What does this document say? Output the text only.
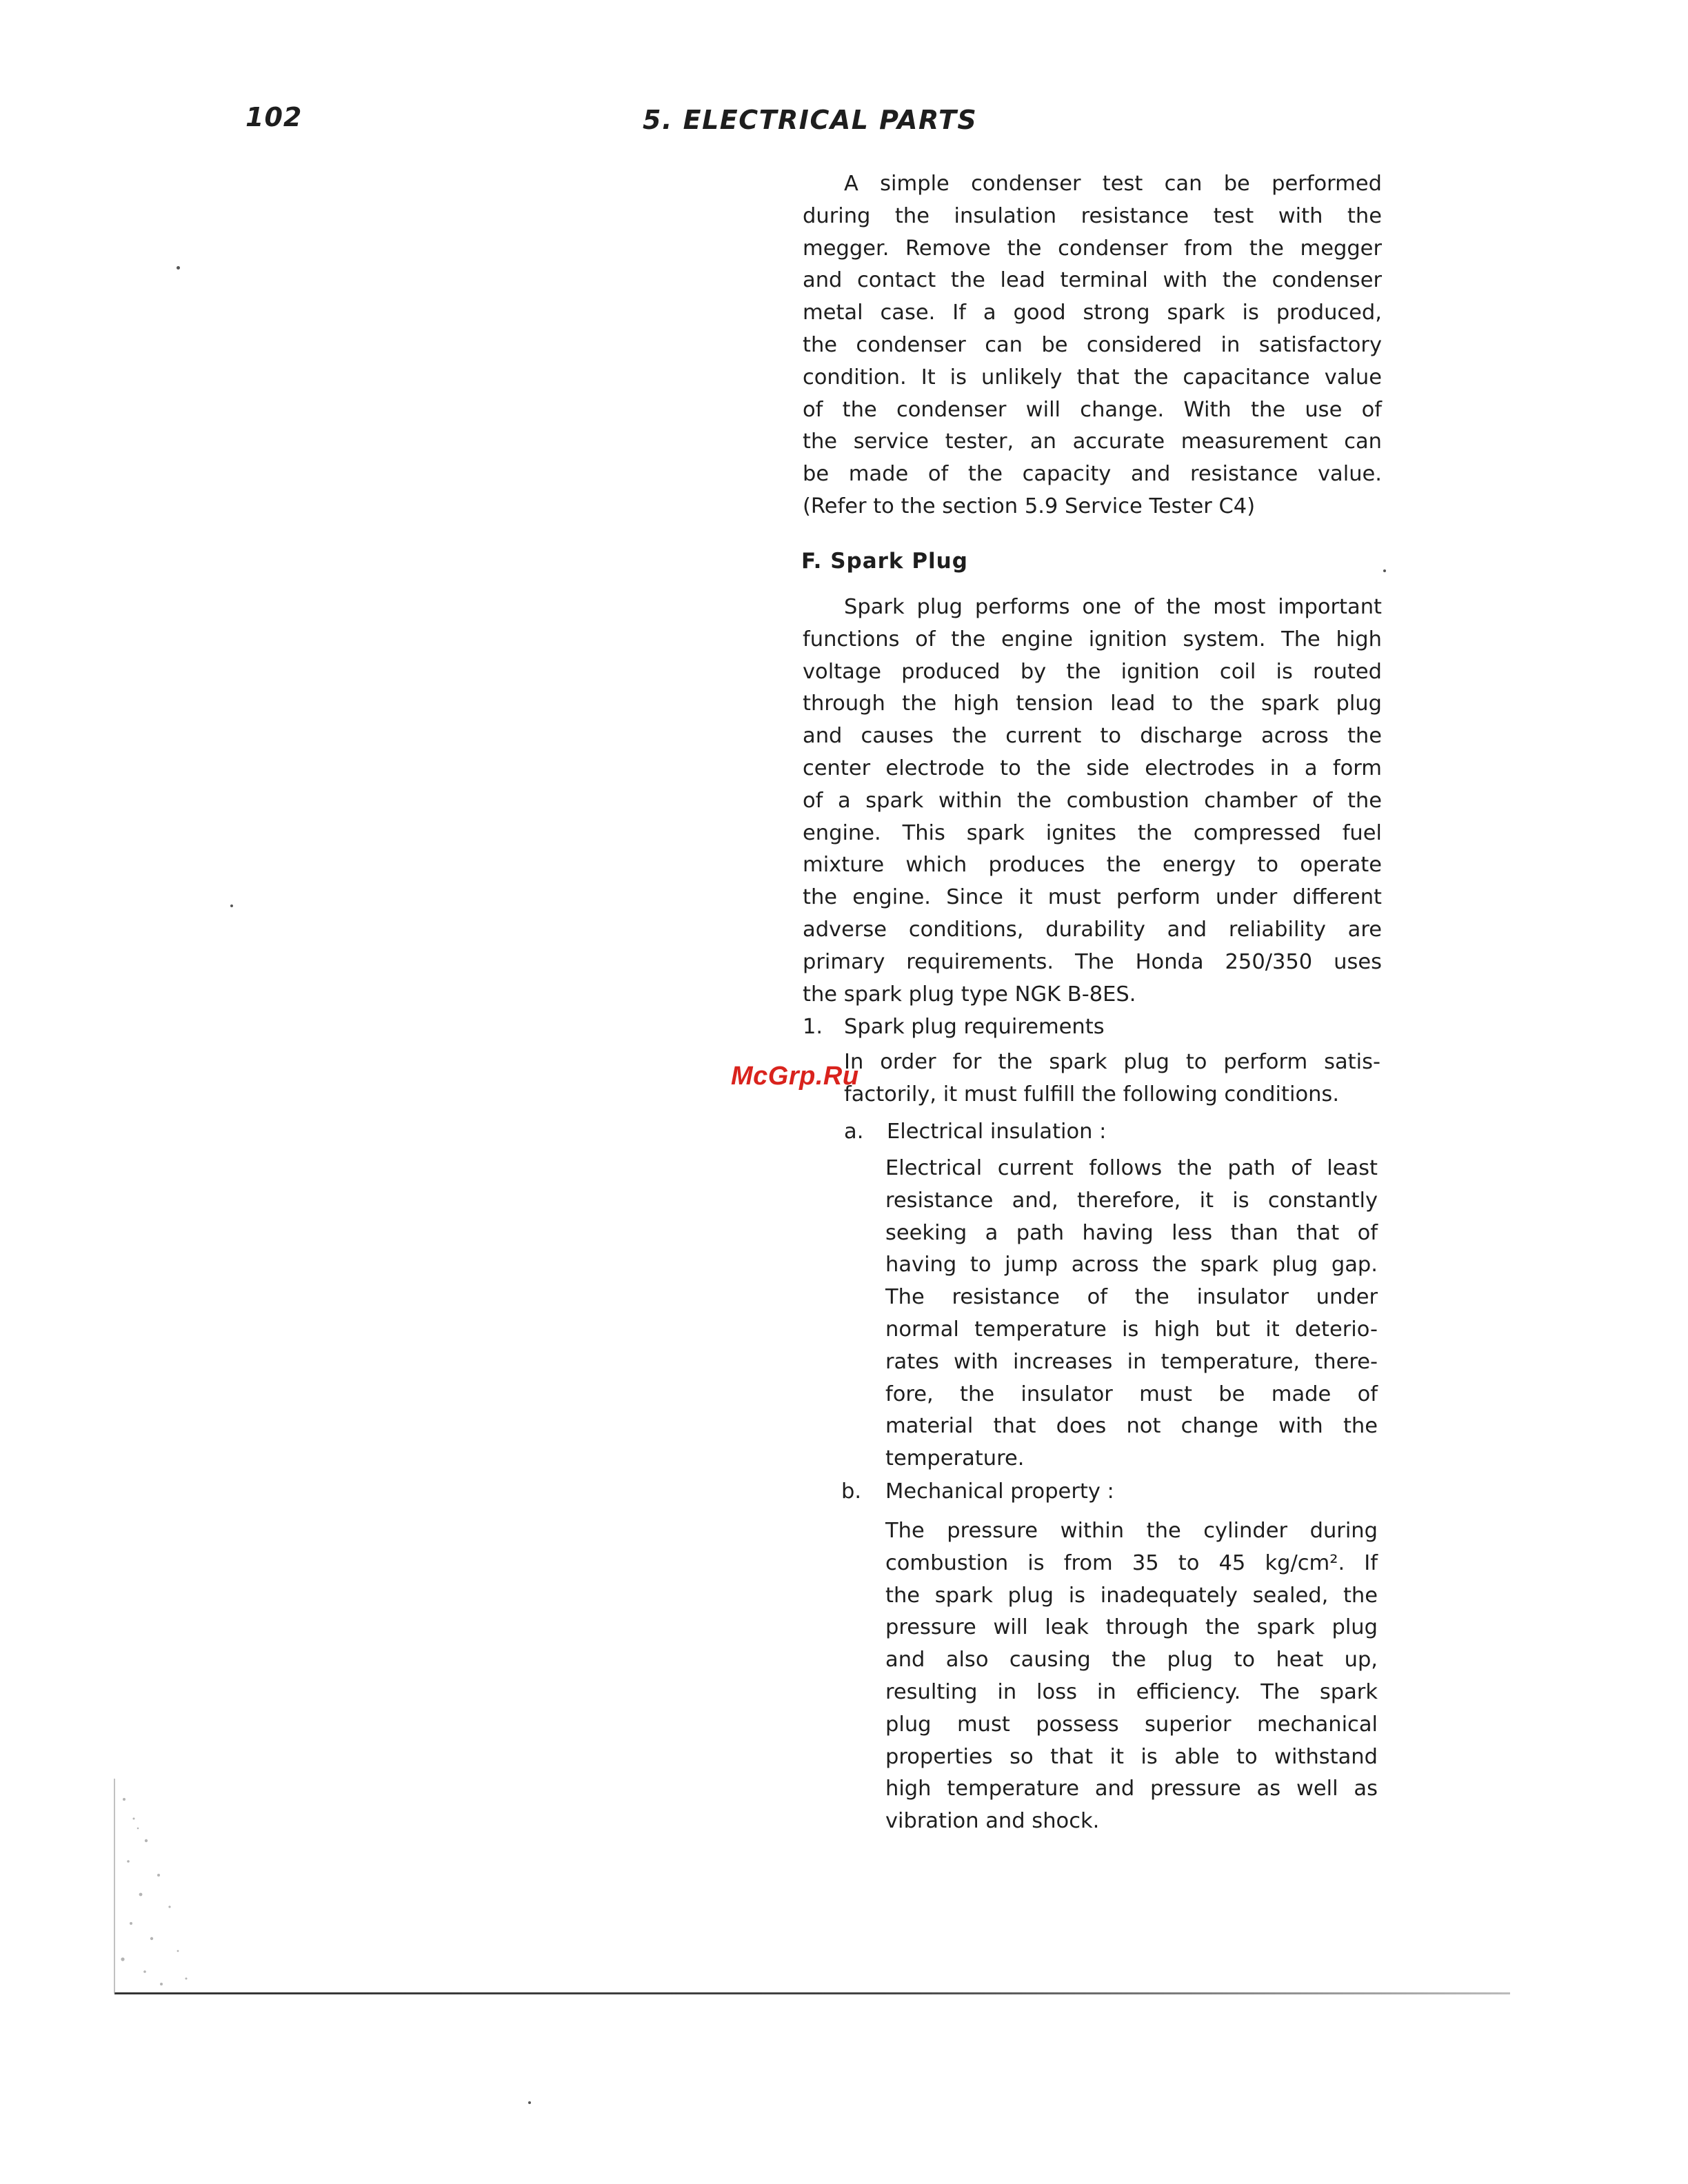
102	5. ELECTRICAL PARTS

A simple condenser test can be performed

during the insulation resistance test with the

megger. Remove the condenser from the megger

and contact the lead terminal with the condenser

metal case. If a good strong spark is produced,

the condenser can be considered in satisfactory

condition. It is unlikely that the capacitance value

of the condenser will change. With the use of

the service tester, an accurate measurement can

be made of the capacity and resistance value.

(Refer to the section 5.9 Service Tester C4)

F. Spark Plug

Spark plug performs one of the most important

functions of the engine ignition system. The high

voltage produced by the ignition coil is routed

through the high tension lead to the spark plug

and causes the current to discharge across the

center electrode to the side electrodes in a form

of a spark within the combustion chamber of the

engine. This spark ignites the compressed fuel

mixture which produces the energy to operate

the engine. Since it must perform under different

adverse conditions, durability and reliability are

primary requirements. The Honda 250/350 uses

the spark plug type NGK B-8ES.

1. Spark plug requirements

In order for the spark plug to perform satis-

factorily, it must fulfill the following conditions.

a. Electrical insulation :

Electrical current follows the path of least

resistance and, therefore, it is constantly

seeking a path having less than that of

having to jump across the spark plug gap.

The resistance of the insulator under

normal temperature is high but it deterio-

rates with increases in temperature, there-

fore, the insulator must be made of

material that does not change with the

temperature.

b. Mechanical property :

The pressure within the cylinder during

combustion is from 35 to 45 kg/cm². If

the spark plug is inadequately sealed, the

pressure will leak through the spark plug

and also causing the plug to heat up,

resulting in loss in efficiency. The spark

plug must possess superior mechanical

properties so that it is able to withstand

high temperature and pressure as well as

vibration and shock.

McGrp.Ru
